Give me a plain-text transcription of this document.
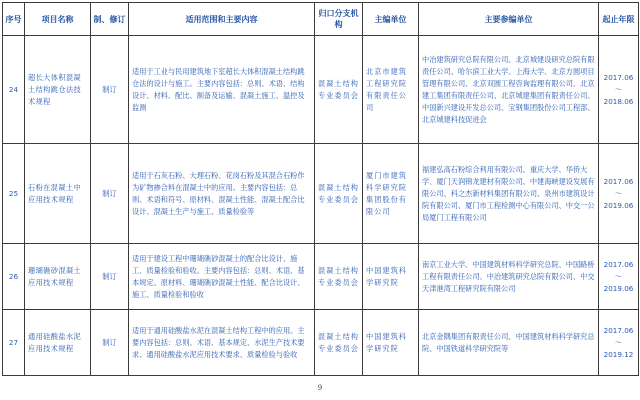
序号	项目名称	制、修订	适用范围和主要内容	归口分支机构	主编单位	主要参编单位	起止年限
24	超长大体积混凝土结构跳仓法技术规程	制订	适用于工业与民用建筑地下室超长大体积混凝土结构跳仓法的设计与施工。主要内容包括：总则、术语、结构设计、材料、配比、制备及运输、混凝土施工、温控及监测	混凝土结构专业委员会	北京市建筑工程研究院有限责任公司	中冶建筑研究总院有限公司、北京城建设研究总院有限责任公司、哈尔滨工业大学、上海大学、北京方圆项目管理有限公司、北京双圆工程咨询监理有限公司、北京建工集团有限责任公司、北京城建集团有限责任公司、中国新兴建设开发总公司、宝钢集团股份公司工程部、北京城建科技促进会	2017.06
～
2018.06

25	石粉在混凝土中应用技术规程	制订	适用于石灰石粉、大理石粉、花岗石粉及其混合石粉作为矿物掺合料在混凝土中的应用。主要内容包括：总则、术语和符号、原材料、混凝土性能、混凝土配合比设计、混凝土生产与施工、质量检验等	混凝土结构专业委员会	厦门市建筑科学研究院集团股份有限公司	福建弘高石粉综合利用有限公司、重庆大学、华侨大学、厦门天润锦龙建材有限公司、中建海峡建设发展有限公司、科之杰新材料集团有限公司、泉州市建筑设计院有限公司、厦门市工程检测中心有限公司、中交一公局厦门工程有限公司	2017.06
～
2019.06

26	珊瑚礁砂混凝土应用技术规程	制订	适用于建设工程中珊瑚礁砂混凝土的配合比设计、施工、质量检验和验收。主要内容包括：总则、术语、基本规定、原材料、珊瑚礁砂混凝土性能、配合比设计、施工、质量检验和验收	混凝土结构专业委员会	中国建筑科学研究院	南京工业大学、中国建筑材料科学研究总院、中国路桥工程有限责任公司、中冶建筑研究总院有限公司、中交天津港湾工程研究院有限公司	2017.06
～
2019.06

27	通用硅酸盐水泥应用技术规程	制订	适用于通用硅酸盐水泥在混凝土结构工程中的应用。主要内容包括：总则、术语、基本规定、水泥生产技术要求、通用硅酸盐水泥应用技术要求、质量检验与验收	混凝土结构专业委员会	中国建筑科学研究院	北京金隅集团有限责任公司、中国建筑材料科学研究总院、中国铁道科学研究院等	2017.06
～
2019.12
9
